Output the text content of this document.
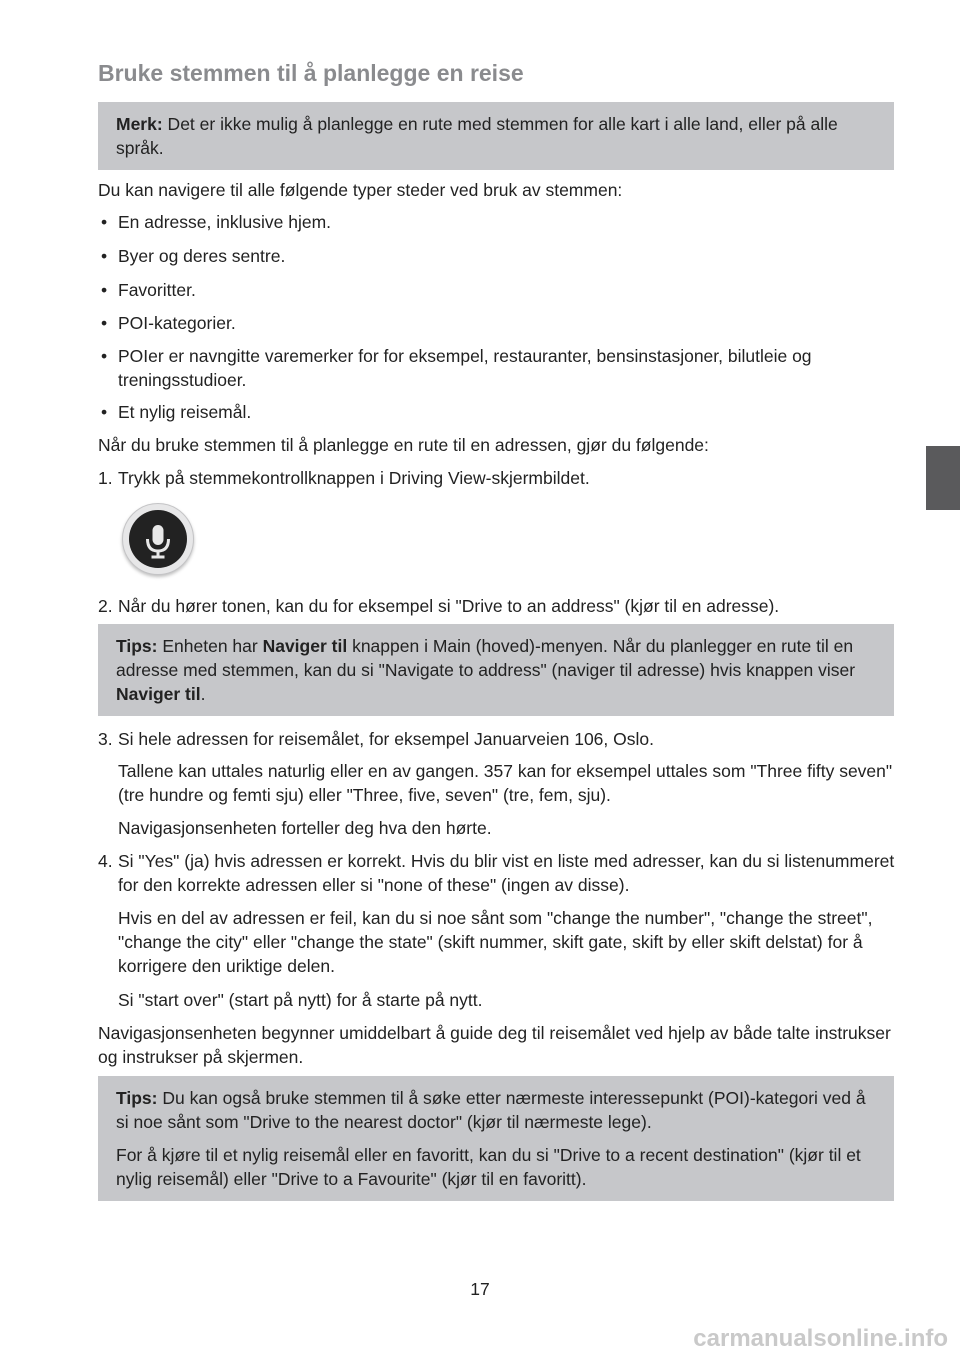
Bruke stemmen til å planlegge en reise

Merk: Det er ikke mulig å planlegge en rute med stemmen for alle kart i alle land, eller på alle språk.

Du kan navigere til alle følgende typer steder ved bruk av stemmen:

• En adresse, inklusive hjem.
• Byer og deres sentre.
• Favoritter.
• POI-kategorier.
• POIer er navngitte varemerker for for eksempel, restauranter, bensinstasjoner, bilutleie og treningsstudioer.
• Et nylig reisemål.

Når du bruke stemmen til å planlegge en rute til en adressen, gjør du følgende:

1. Trykk på stemmekontrollknappen i Driving View-skjermbildet.
2. Når du hører tonen, kan du for eksempel si "Drive to an address" (kjør til en adresse).

Tips: Enheten har Naviger til knappen i Main (hoved)-menyen. Når du planlegger en rute til en adresse med stemmen, kan du si "Navigate to address" (naviger til adresse) hvis knappen viser Naviger til.

3. Si hele adressen for reisemålet, for eksempel Januarveien 106, Oslo.

Tallene kan uttales naturlig eller en av gangen. 357 kan for eksempel uttales som "Three fifty seven" (tre hundre og femti sju) eller "Three, five, seven" (tre, fem, sju).

Navigasjonsenheten forteller deg hva den hørte.

4. Si "Yes" (ja) hvis adressen er korrekt. Hvis du blir vist en liste med adresser, kan du si listenummeret for den korrekte adressen eller si "none of these" (ingen av disse).

Hvis en del av adressen er feil, kan du si noe sånt som "change the number", "change the street", "change the city" eller "change the state" (skift nummer, skift gate, skift by eller skift delstat) for å korrigere den uriktige delen.

Si "start over" (start på nytt) for å starte på nytt.

Navigasjonsenheten begynner umiddelbart å guide deg til reisemålet ved hjelp av både talte instrukser og instrukser på skjermen.

Tips: Du kan også bruke stemmen til å søke etter nærmeste interessepunkt (POI)-kategori ved å si noe sånt som "Drive to the nearest doctor" (kjør til nærmeste lege).

For å kjøre til et nylig reisemål eller en favoritt, kan du si "Drive to a recent destination" (kjør til et nylig reisemål) eller "Drive to a Favourite" (kjør til en favoritt).

17
carmanualsonline.info
